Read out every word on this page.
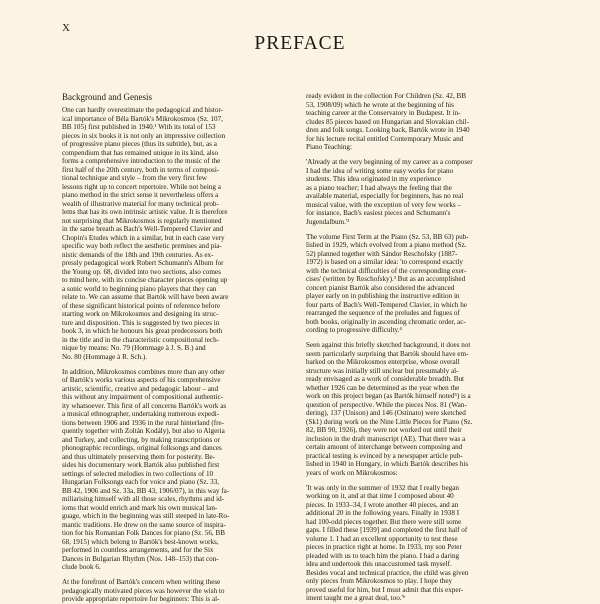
X
PREFACE
Background and Genesis
One can hardly overestimate the pedagogical and histor-
ical importance of Béla Bartók's Mikrokosmos (Sz. 107,
BB 105) first published in 1940.¹ With its total of 153
pieces in six books it is not only an impressive collection
of progressive piano pieces (thus its subtitle), but, as a
compendium that has remained unique in its kind, also
forms a comprehensive introduction to the music of the
first half of the 20th century, both in terms of composi-
tional technique and style – from the very first few
lessons right up to concert repertoire. While not being a
piano method in the strict sense it nevertheless offers a
wealth of illustrative material for many technical prob-
lems that has its own intrinsic artistic value. It is therefore
not surprising that Mikrokosmos is regularly mentioned
in the same breath as Bach's Well-Tempered Clavier and
Chopin's Etudes which in a similar, but in each case very
specific way both reflect the aesthetic premises and pia-
nistic demands of the 18th and 19th centuries. As ex-
pressly pedagogical work Robert Schumann's Album for
the Young op. 68, divided into two sections, also comes
to mind here, with its concise character pieces opening up
a sonic world to beginning piano players that they can
relate to. We can assume that Bartók will have been aware
of these significant historical points of reference before
starting work on Mikrokosmos and designing its struc-
ture and disposition. This is suggested by two pieces in
book 3, in which he honours his great predecessors both
in the title and in the characteristic compositional tech-
nique by means: No. 79 (Hommage à J. S. B.) and
No. 80 (Hommage à R. Sch.).
In addition, Mikrokosmos combines more than any other
of Bartók's works various aspects of his comprehensive
artistic, scientific, creative and pedagogic labour – and
this without any impairment of compositional authentic-
ity whatsoever. This first of all concerns Bartók's work as
a musical ethnographer, undertaking numerous expedi-
tions between 1906 and 1936 in the rural hinterland (fre-
quently together with Zoltán Kodály), but also to Algeria
and Turkey, and collecting, by making transcriptions or
phonographic recordings, original folksongs and dances
and thus ultimately preserving them for posterity. Be-
sides his documentary work Bartók also published first
settings of selected melodies in two collections of 10
Hungarian Folksongs each for voice and piano (Sz. 33,
BB 42, 1906 and Sz. 33a, BB 43, 1906/07), in this way fa-
miliarising himself with all those scales, rhythms and id-
ioms that would enrich and mark his own musical lan-
guage, which in the beginning was still steeped in late-Ro-
mantic traditions. He drew on the same source of inspira-
tion for his Romanian Folk Dances for piano (Sz. 56, BB
68, 1915) which belong to Bartók's best-known works,
performed in countless arrangements, and for the Six
Dances in Bulgarian Rhythm (Nos. 148–153) that con-
clude book 6.
At the forefront of Bartók's concern when writing these
pedagogically motivated pieces was however the wish to
provide appropriate repertoire for beginners: This is al-
ready evident in the collection For Children (Sz. 42, BB
53, 1908/09) which he wrote at the beginning of his
teaching career at the Conservatory in Budapest. It in-
cludes 85 pieces based on Hungarian and Slovakian chil-
dren and folk songs. Looking back, Bartók wrote in 1940
for his lecture recital entitled Contemporary Music and
Piano Teaching:
'Already at the very beginning of my career as a composer
I had the idea of writing some easy works for piano
students. This idea originated in my experience
as a piano teacher; I had always the feeling that the
available material, especially for beginners, has no real
musical value, with the exception of very few works –
for instance, Bach's easiest pieces and Schumann's
Jugendalbum.'²
The volume First Term at the Piano (Sz. 53, BB 63) pub-
lished in 1929, which evolved from a piano method (Sz.
52) planned together with Sándor Reschofsky (1887-
1972) is based on a similar idea: 'to correspond exactly
with the technical difficulties of the corresponding exer-
cises' (written by Reschofsky).³ But as an accomplished
concert pianist Bartók also considered the advanced
player early on in publishing the instructive edition in
four parts of Bach's Well-Tempered Clavier, in which he
rearranged the sequence of the preludes and fugues of
both books, originally in ascending chromatic order, ac-
cording to progressive difficulty.⁴
Seen against this briefly sketched background, it does not
seem particularly surprising that Bartók should have em-
barked on the Mikrokosmos enterprise, whose overall
structure was initially still unclear but presumably al-
ready envisaged as a work of considerable breadth. But
whether 1926 can be determined as the year when the
work on this project began (as Bartók himself noted⁵) is a
question of perspective. While the pieces Nos. 81 (Wan-
dering), 137 (Unison) and 146 (Ostinato) were sketched
(Sk1) during work on the Nine Little Pieces for Piano (Sz.
82, BB 90, 1926), they were not worked out until their
inclusion in the draft manuscript (AE). That there was a
certain amount of interchange between composing and
practical testing is evinced by a newspaper article pub-
lished in 1940 in Hungary, in which Bartók describes his
years of work on Mikrokosmos:
'It was only in the summer of 1932 that I really began
working on it, and at that time I composed about 40
pieces. In 1933–34, I wrote another 40 pieces, and an
additional 20 in the following years. Finally in 1938 I
had 100-odd pieces together. But there were still some
gaps. I filled these [1939] and completed the first half of
volume 1. I had an excellent opportunity to test these
pieces in practice right at home. In 1933, my son Peter
pleaded with us to teach him the piano. I had a daring
idea and undertook this unaccustomed task myself.
Besides vocal and technical practice, the child was given
only pieces from Mikrokosmos to play. I hope they
proved useful for him, but I must admit that this exper-
iment taught me a great deal, too.'⁶
